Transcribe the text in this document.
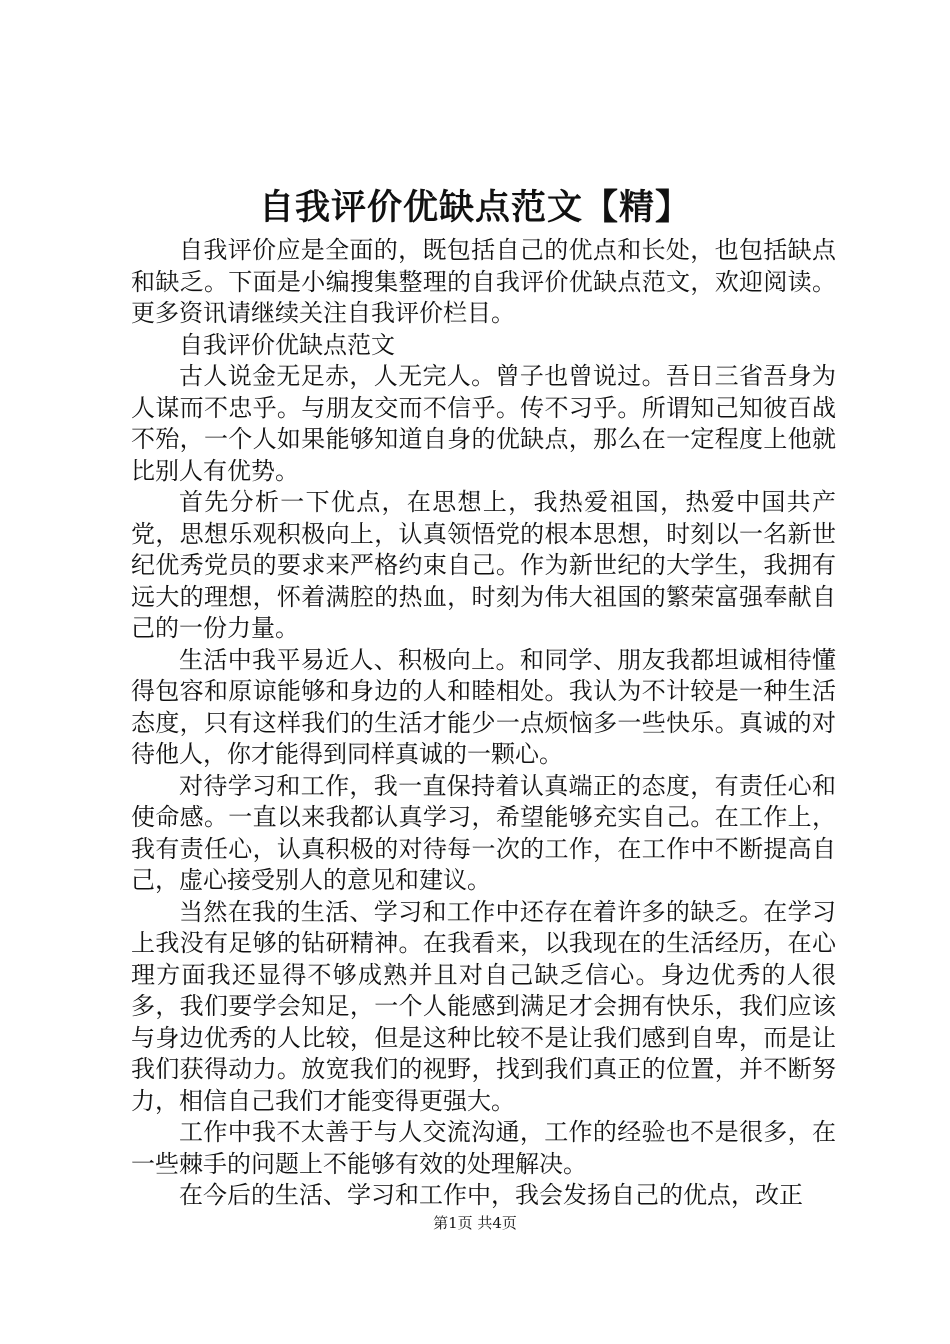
自我评价优缺点范文【精】

自我评价应是全面的，既包括自己的优点和长处，也包括缺点和缺乏。下面是小编搜集整理的自我评价优缺点范文，欢迎阅读。更多资讯请继续关注自我评价栏目。

自我评价优缺点范文

古人说金无足赤，人无完人。曾子也曾说过。吾日三省吾身为人谋而不忠乎。与朋友交而不信乎。传不习乎。所谓知己知彼百战不殆，一个人如果能够知道自身的优缺点，那么在一定程度上他就比别人有优势。

首先分析一下优点，在思想上，我热爱祖国，热爱中国共产党，思想乐观积极向上，认真领悟党的根本思想，时刻以一名新世纪优秀党员的要求来严格约束自己。作为新世纪的大学生，我拥有远大的理想，怀着满腔的热血，时刻为伟大祖国的繁荣富强奉献自己的一份力量。

生活中我平易近人、积极向上。和同学、朋友我都坦诚相待懂得包容和原谅能够和身边的人和睦相处。我认为不计较是一种生活态度，只有这样我们的生活才能少一点烦恼多一些快乐。真诚的对待他人，你才能得到同样真诚的一颗心。

对待学习和工作，我一直保持着认真端正的态度，有责任心和使命感。一直以来我都认真学习，希望能够充实自己。在工作上，我有责任心，认真积极的对待每一次的工作，在工作中不断提高自己，虚心接受别人的意见和建议。

当然在我的生活、学习和工作中还存在着许多的缺乏。在学习上我没有足够的钻研精神。在我看来，以我现在的生活经历，在心理方面我还显得不够成熟并且对自己缺乏信心。身边优秀的人很多，我们要学会知足，一个人能感到满足才会拥有快乐，我们应该与身边优秀的人比较，但是这种比较不是让我们感到自卑，而是让我们获得动力。放宽我们的视野，找到我们真正的位置，并不断努力，相信自己我们才能变得更强大。

工作中我不太善于与人交流沟通，工作的经验也不是很多，在一些棘手的问题上不能够有效的处理解决。

在今后的生活、学习和工作中，我会发扬自己的优点，改正

第1页 共4页
